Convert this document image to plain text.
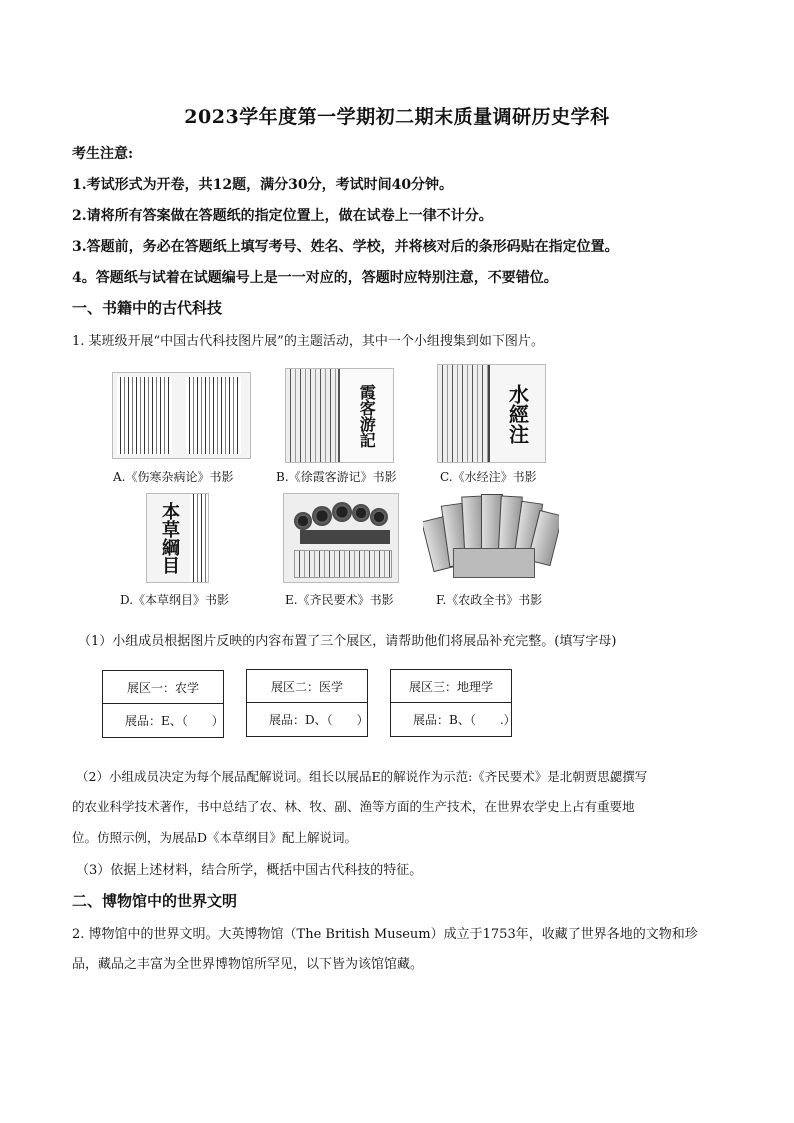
2023学年度第一学期初二期末质量调研历史学科
考生注意:
1.考试形式为开卷，共12题，满分30分，考试时间40分钟。
2.请将所有答案做在答题纸的指定位置上，做在试卷上一律不计分。
3.答题前，务必在答题纸上填写考号、姓名、学校，并将核对后的条形码贴在指定位置。
4。答题纸与试着在试题编号上是一一对应的，答题时应特别注意，不要错位。
一、书籍中的古代科技
1. 某班级开展“中国古代科技图片展”的主题活动，其中一个小组搜集到如下图片。
A.《伤寒杂病论》书影
霞客游記
B.《徐霞客游记》书影
水經注
C.《水经注》书影
本草綱目
D.《本草纲目》书影	E.《齐民要术》书影	F.《农政全书》书影
（1）小组成员根据图片反映的内容布置了三个展区，请帮助他们将展品补充完整。(填写字母)
展区一：农学
展品：E、（　　）
展区二：医学
展品：D、（　　）
展区三：地理学
展品：B、（　　.）
（2）小组成员决定为每个展品配解说词。组长以展品E的解说作为示范:《齐民要术》是北朝贾思勰撰写
的农业科学技术著作，书中总结了农、林、牧、副、渔等方面的生产技术，在世界农学史上占有重要地
位。仿照示例，为展品D《本草纲目》配上解说词。
（3）依据上述材料，结合所学，概括中国古代科技的特征。
二、博物馆中的世界文明
2. 博物馆中的世界文明。大英博物馆（The British Museum）成立于1753年，收藏了世界各地的文物和珍
品，藏品之丰富为全世界博物馆所罕见，以下皆为该馆馆藏。
